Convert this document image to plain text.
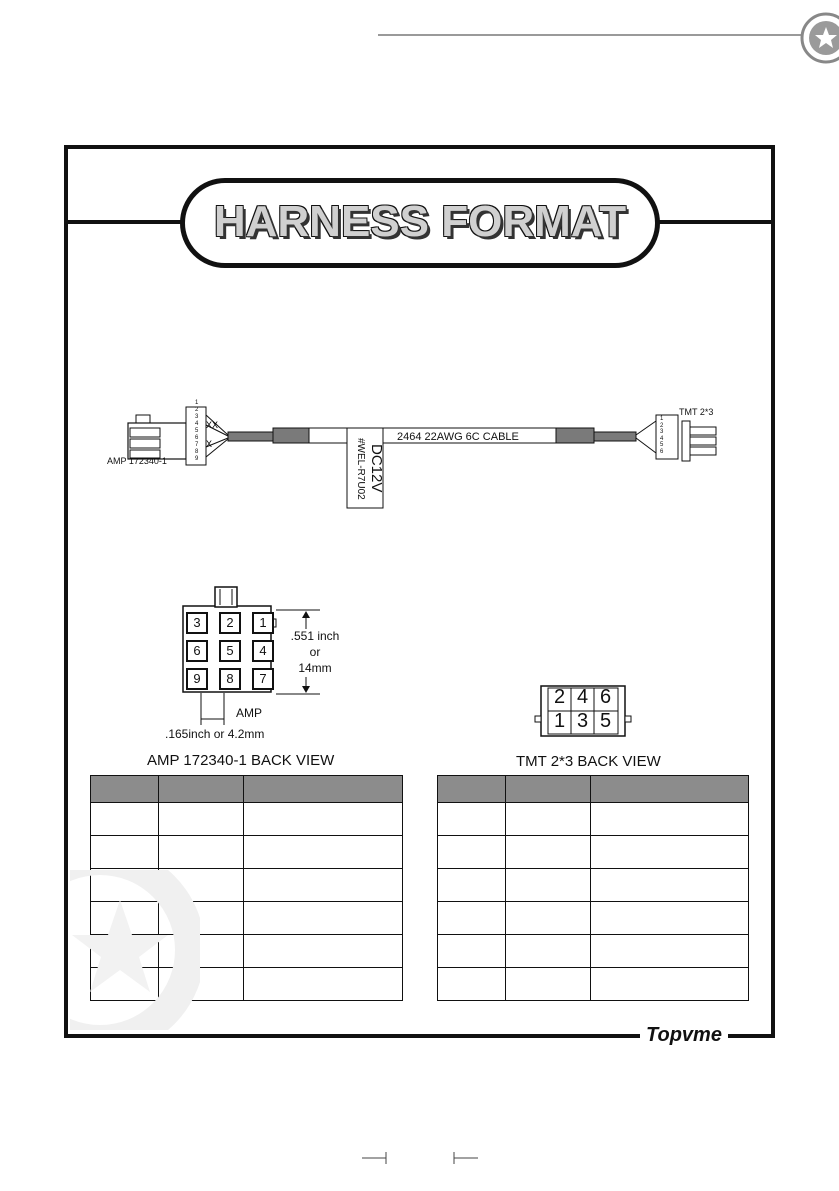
HARNESS FORMAT
XX
X
1
2
3
4
5
6
7
8
9
AMP 172340-1
TMT 2*3
1
2
3
4
5
6
2464 22AWG 6C CABLE
DC12V
#WEL-R7U02
3	2	1
6	5	4
9	8	7
.551 inch
or
14mm
AMP
.165inch or 4.2mm
AMP 172340-1 BACK VIEW
2 4 6
1 3 5
TMT 2*3 BACK VIEW

Topvme
